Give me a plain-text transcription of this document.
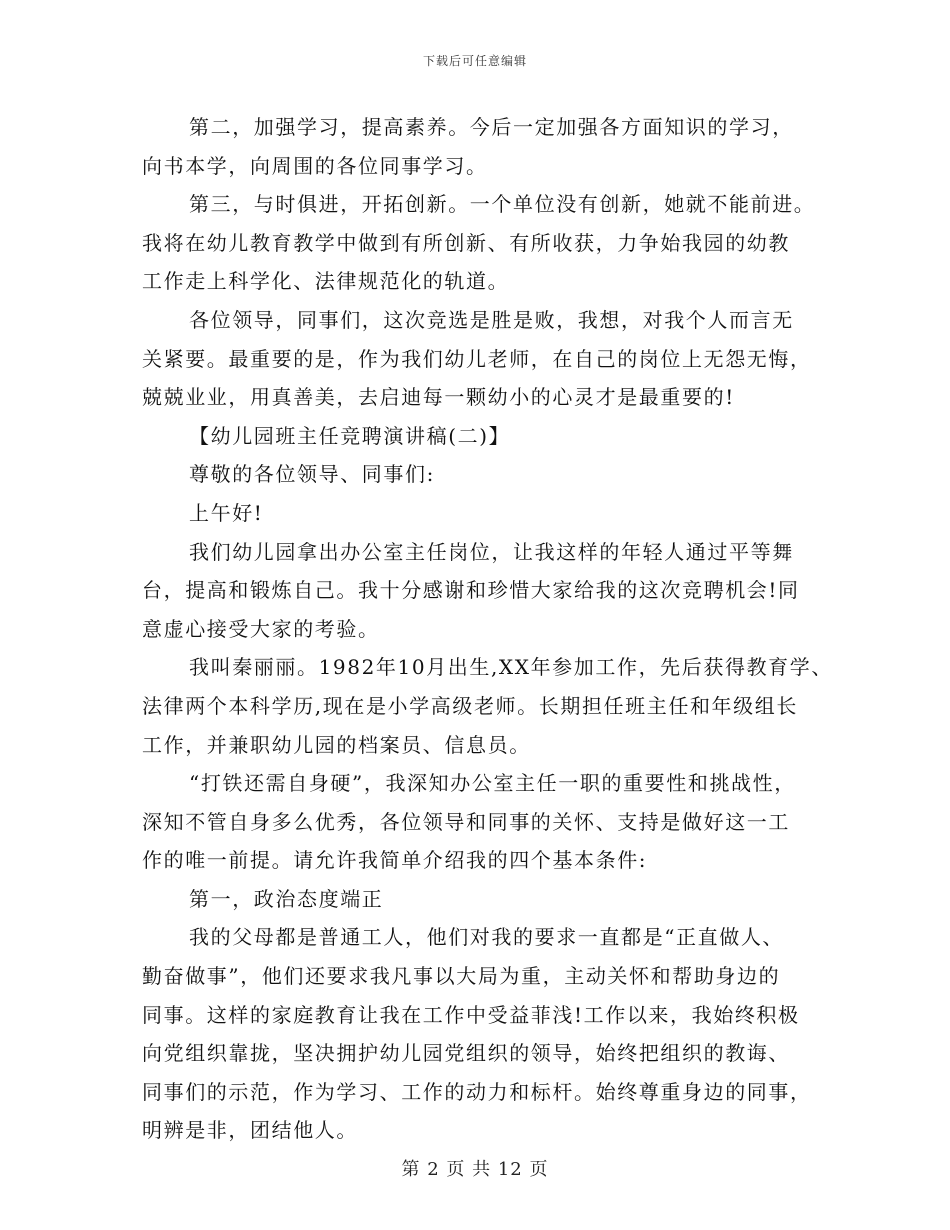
下载后可任意编辑
第二，加强学习，提高素养。今后一定加强各方面知识的学习，
向书本学，向周围的各位同事学习。
第三，与时俱进，开拓创新。一个单位没有创新，她就不能前进。
我将在幼儿教育教学中做到有所创新、有所收获，力争始我园的幼教
工作走上科学化、法律规范化的轨道。
各位领导，同事们，这次竞选是胜是败，我想，对我个人而言无
关紧要。最重要的是，作为我们幼儿老师，在自己的岗位上无怨无悔，
兢兢业业，用真善美，去启迪每一颗幼小的心灵才是最重要的!
【幼儿园班主任竞聘演讲稿(二)】
尊敬的各位领导、同事们:
上午好!
我们幼儿园拿出办公室主任岗位，让我这样的年轻人通过平等舞
台，提高和锻炼自己。我十分感谢和珍惜大家给我的这次竞聘机会!同
意虚心接受大家的考验。
我叫秦丽丽。1982年10月出生,XX年参加工作，先后获得教育学、
法律两个本科学历,现在是小学高级老师。长期担任班主任和年级组长
工作，并兼职幼儿园的档案员、信息员。
“打铁还需自身硬”，我深知办公室主任一职的重要性和挑战性，
深知不管自身多么优秀，各位领导和同事的关怀、支持是做好这一工
作的唯一前提。请允许我简单介绍我的四个基本条件:
第一，政治态度端正
我的父母都是普通工人，他们对我的要求一直都是“正直做人、
勤奋做事”，他们还要求我凡事以大局为重，主动关怀和帮助身边的
同事。这样的家庭教育让我在工作中受益菲浅!工作以来，我始终积极
向党组织靠拢，坚决拥护幼儿园党组织的领导，始终把组织的教诲、
同事们的示范，作为学习、工作的动力和标杆。始终尊重身边的同事，
明辨是非，团结他人。
第 2 页 共 12 页
